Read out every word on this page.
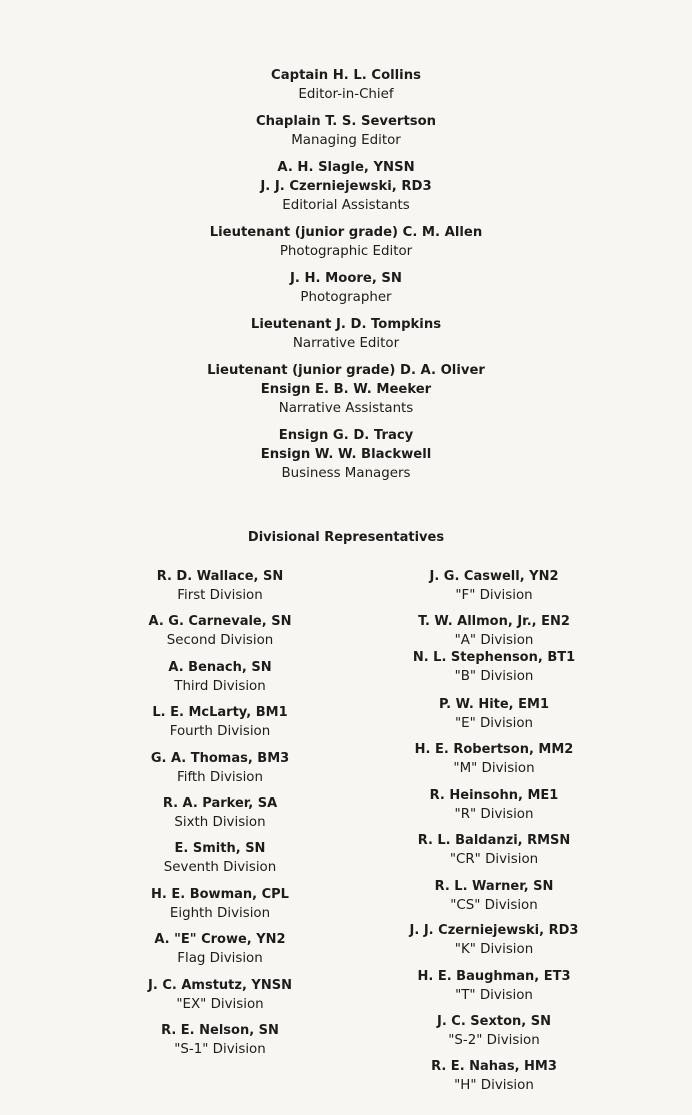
Captain H. L. Collins
Editor-in-Chief
Chaplain T. S. Severtson
Managing Editor
A. H. Slagle, YNSN
J. J. Czerniejewski, RD3
Editorial Assistants
Lieutenant (junior grade) C. M. Allen
Photographic Editor
J. H. Moore, SN
Photographer
Lieutenant J. D. Tompkins
Narrative Editor
Lieutenant (junior grade) D. A. Oliver
Ensign E. B. W. Meeker
Narrative Assistants
Ensign G. D. Tracy
Ensign W. W. Blackwell
Business Managers
Divisional Representatives
R. D. Wallace, SN
First Division
A. G. Carnevale, SN
Second Division
A. Benach, SN
Third Division
L. E. McLarty, BM1
Fourth Division
G. A. Thomas, BM3
Fifth Division
R. A. Parker, SA
Sixth Division
E. Smith, SN
Seventh Division
H. E. Bowman, CPL
Eighth Division
A. "E" Crowe, YN2
Flag Division
J. C. Amstutz, YNSN
"EX" Division
R. E. Nelson, SN
"S-1" Division
J. G. Caswell, YN2
"F" Division
T. W. Allmon, Jr., EN2
"A" Division
N. L. Stephenson, BT1
"B" Division
P. W. Hite, EM1
"E" Division
H. E. Robertson, MM2
"M" Division
R. Heinsohn, ME1
"R" Division
R. L. Baldanzi, RMSN
"CR" Division
R. L. Warner, SN
"CS" Division
J. J. Czerniejewski, RD3
"K" Division
H. E. Baughman, ET3
"T" Division
J. C. Sexton, SN
"S-2" Division
R. E. Nahas, HM3
"H" Division
